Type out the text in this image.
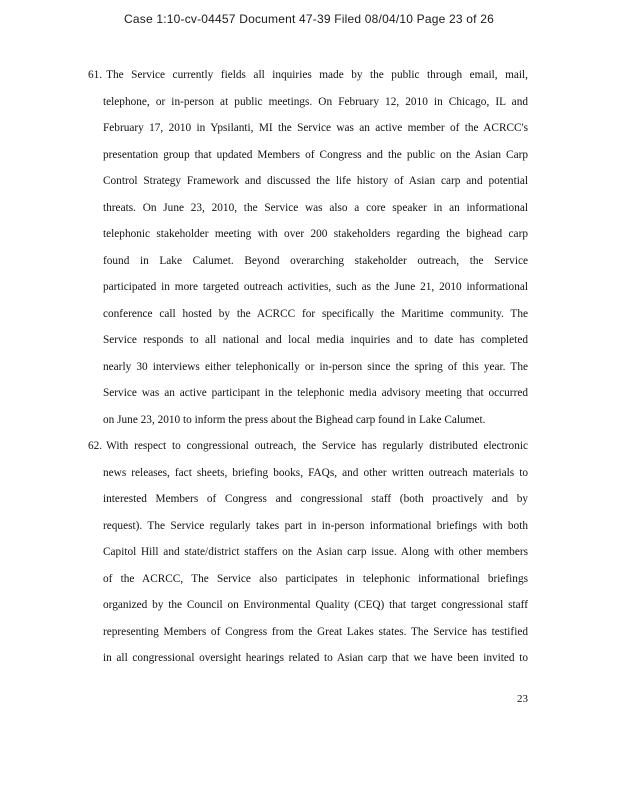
Case 1:10-cv-04457 Document 47-39 Filed 08/04/10 Page 23 of 26
61. The Service currently fields all inquiries made by the public through email, mail,
telephone, or in-person at public meetings. On February 12, 2010 in Chicago, IL and
February 17, 2010 in Ypsilanti, MI the Service was an active member of the ACRCC's
presentation group that updated Members of Congress and the public on the Asian Carp
Control Strategy Framework and discussed the life history of Asian carp and potential
threats. On June 23, 2010, the Service was also a core speaker in an informational
telephonic stakeholder meeting with over 200 stakeholders regarding the bighead carp
found in Lake Calumet. Beyond overarching stakeholder outreach, the Service
participated in more targeted outreach activities, such as the June 21, 2010 informational
conference call hosted by the ACRCC for specifically the Maritime community. The
Service responds to all national and local media inquiries and to date has completed
nearly 30 interviews either telephonically or in-person since the spring of this year. The
Service was an active participant in the telephonic media advisory meeting that occurred
on June 23, 2010 to inform the press about the Bighead carp found in Lake Calumet.
62. With respect to congressional outreach, the Service has regularly distributed electronic
news releases, fact sheets, briefing books, FAQs, and other written outreach materials to
interested Members of Congress and congressional staff (both proactively and by
request). The Service regularly takes part in in-person informational briefings with both
Capitol Hill and state/district staffers on the Asian carp issue. Along with other members
of the ACRCC, The Service also participates in telephonic informational briefings
organized by the Council on Environmental Quality (CEQ) that target congressional staff
representing Members of Congress from the Great Lakes states. The Service has testified
in all congressional oversight hearings related to Asian carp that we have been invited to
23
